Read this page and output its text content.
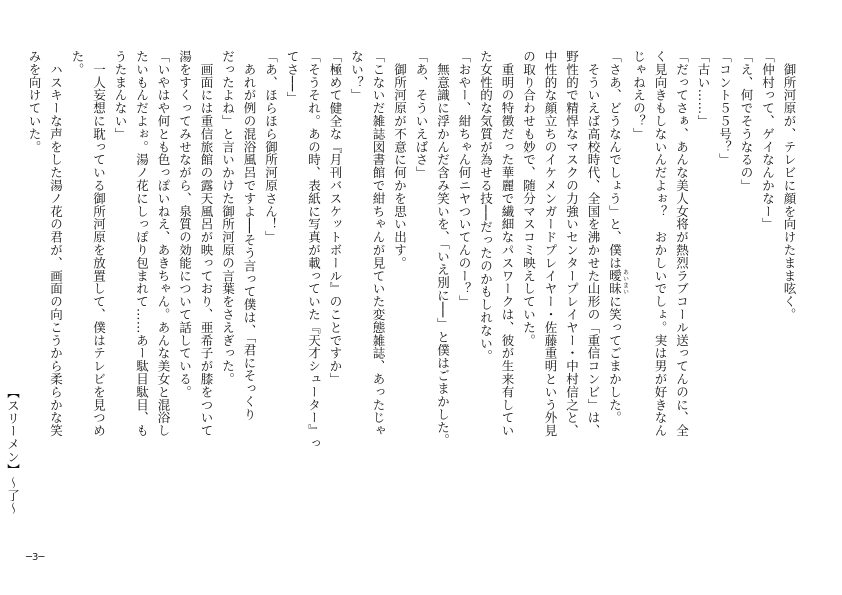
　御所河原が、テレビに顔を向けたまま呟く。
「仲村って、ゲイなんかなー」
「え、何でそうなるの」
「コント５５号？」
「古い……」
「だってさぁ、あんな美人女将が熱烈ラブコール送ってんのに、全
く見向きもしないんだよぉ？　おかしいでしょ。実は男が好きなん
じゃねえの？」
「さあ、どうなんでしょう」と、僕は曖昧 あいまいに笑ってごまかした。
　そういえば高校時代、全国を沸かせた山形の「重信コンビ」は、
野性的で精悍なマスクの力強いセンタープレイヤー・中村信之と、
中性的な顔立ちのイケメンガードプレイヤー・佐藤重明という外見
の取り合わせも妙で、随分マスコミ映えしていた。
　重明の特徴だった華麗で繊細なパスワークは、彼が生来有してい
た女性的な気質が為せる技──だったのかもしれない。
「おやー、紺ちゃん何ニヤついてんのー？」
　無意識に浮かんだ含み笑いを、「いえ別に──」と僕はごまかした。
「あ、そういえばさ」
　御所河原が不意に何かを思い出す。
「こないだ雑誌図書館で紺ちゃんが見ていた変態雑誌、あったじゃ
ない？」
「極めて健全な『月刊バスケットボール』のことですか」
「そうそれ。あの時、表紙に写真が載っていた『天才シューター』っ
てさ──」
「あ、ほらほら御所河原さん！」
　あれが例の混浴風呂ですよ──そう言って僕は、「君にそっくり
だったよね」と言いかけた御所河原の言葉をさえぎった。
　画面には重信旅館の露天風呂が映っており、亜希子が膝をついて
湯をすくってみせながら、泉質の効能について話している。
「いやはや何とも色っぽいねえ、あきちゃん。あんな美女と混浴し
たいもんだよぉ。湯ノ花にしっぽり包まれて……あー駄目駄目、も
うたまんない」
　一人妄想に耽っている御所河原を放置して、僕はテレビを見つめ
た。
　ハスキーな声をした湯ノ花の君が、画面の向こうから柔らかな笑
みを向けていた。
【スリーメン】～了～
─3─
